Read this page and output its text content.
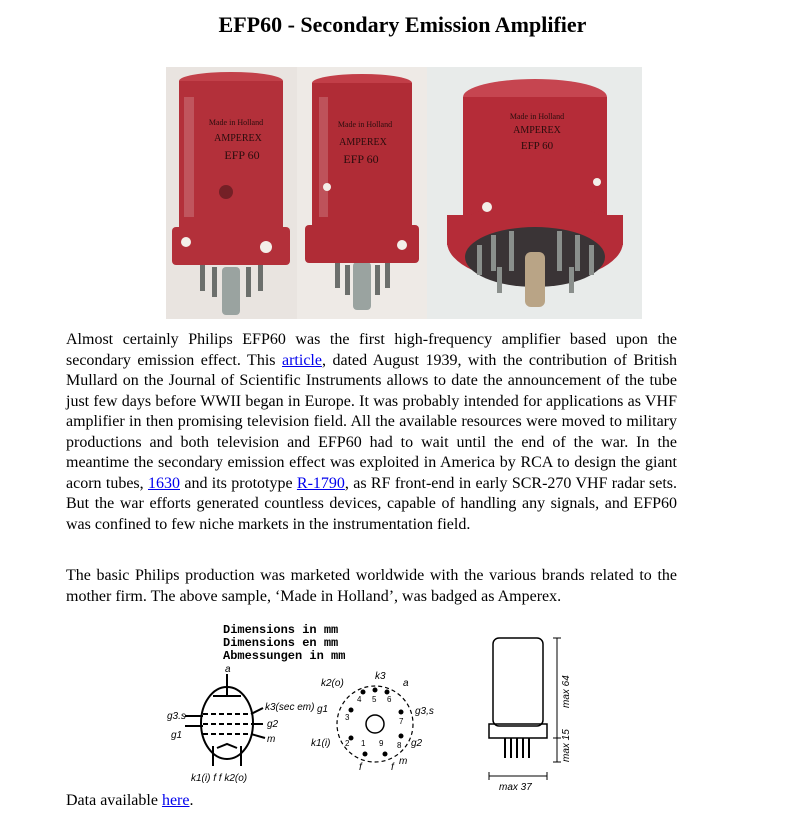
EFP60 - Secondary Emission Amplifier
Made in Holland
AMPEREX
EFP 60
Made in Holland
AMPEREX
EFP 60
Made in Holland
AMPEREX
EFP 60

Almost certainly Philips EFP60 was the first high-frequency amplifier based upon the secondary emission effect. This article, dated August 1939, with the contribution of British Mullard on the Journal of Scientific Instruments allows to date the announcement of the tube just few days before WWII began in Europe. It was probably intended for applications as VHF amplifier in then promising television field. All the available resources were moved to military productions and both television and EFP60 had to wait until the end of the war. In the meantime the secondary emission effect was exploited in America by RCA to design the giant acorn tubes, 1630 and its prototype R-1790, as RF front-end in early SCR-270 VHF radar sets. But the war efforts generated countless devices, capable of handling any signals, and EFP60 was confined to few niche markets in the instrumentation field.

The basic Philips production was marketed worldwide with the various brands related to the mother firm. The above sample, ‘Made in Holland’, was badged as Amperex.

Dimensions in mm
Dimensions en mm
Abmessungen in mm
a
g3.s
g1
k3(sec em)
g2
m
k1(i) f f k2(o)
4 5 6
3	7
2	8
1 9
k3
k2(o)	a
g1	g3,s
k1(i)	g2
f	f
m
max 64
max 15
max 37

Data available here.
